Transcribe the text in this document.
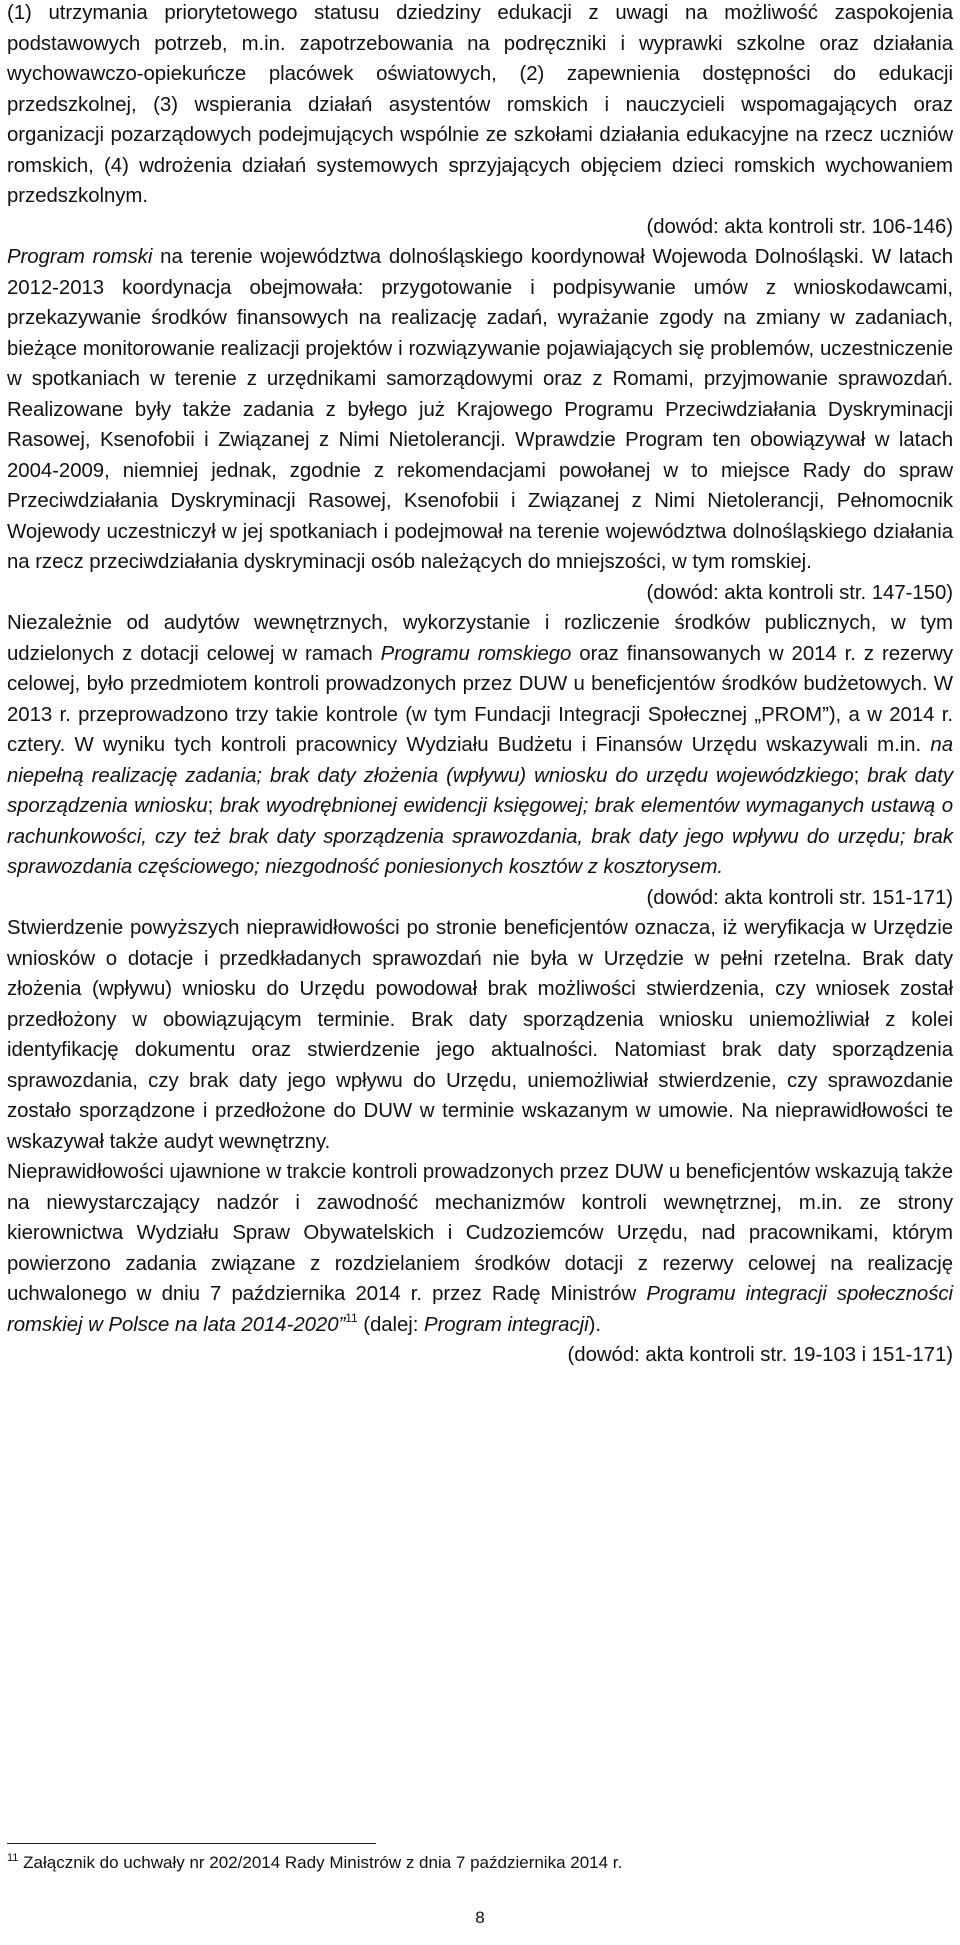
(1) utrzymania priorytetowego statusu dziedziny edukacji z uwagi na możliwość zaspokojenia podstawowych potrzeb, m.in. zapotrzebowania na podręczniki i wyprawki szkolne oraz działania wychowawczo-opiekuńcze placówek oświatowych, (2) zapewnienia dostępności do edukacji przedszkolnej, (3) wspierania działań asystentów romskich i nauczycieli wspomagających oraz organizacji pozarządowych podejmujących wspólnie ze szkołami działania edukacyjne na rzecz uczniów romskich, (4) wdrożenia działań systemowych sprzyjających objęciem dzieci romskich wychowaniem przedszkolnym.

(dowód: akta kontroli str. 106-146)

Program romski na terenie województwa dolnośląskiego koordynował Wojewoda Dolnośląski. W latach 2012-2013 koordynacja obejmowała: przygotowanie i podpisywanie umów z wnioskodawcami, przekazywanie środków finansowych na realizację zadań, wyrażanie zgody na zmiany w zadaniach, bieżące monitorowanie realizacji projektów i rozwiązywanie pojawiających się problemów, uczestniczenie w spotkaniach w terenie z urzędnikami samorządowymi oraz z Romami, przyjmowanie sprawozdań. Realizowane były także zadania z byłego już Krajowego Programu Przeciwdziałania Dyskryminacji Rasowej, Ksenofobii i Związanej z Nimi Nietolerancji. Wprawdzie Program ten obowiązywał w latach 2004-2009, niemniej jednak, zgodnie z rekomendacjami powołanej w to miejsce Rady do spraw Przeciwdziałania Dyskryminacji Rasowej, Ksenofobii i Związanej z Nimi Nietolerancji, Pełnomocnik Wojewody uczestniczył w jej spotkaniach i podejmował na terenie województwa dolnośląskiego działania na rzecz przeciwdziałania dyskryminacji osób należących do mniejszości, w tym romskiej.

(dowód: akta kontroli str. 147-150)

Niezależnie od audytów wewnętrznych, wykorzystanie i rozliczenie środków publicznych, w tym udzielonych z dotacji celowej w ramach Programu romskiego oraz finansowanych w 2014 r. z rezerwy celowej, było przedmiotem kontroli prowadzonych przez DUW u beneficjentów środków budżetowych. W 2013 r. przeprowadzono trzy takie kontrole (w tym Fundacji Integracji Społecznej „PROM”), a w 2014 r. cztery. W wyniku tych kontroli pracownicy Wydziału Budżetu i Finansów Urzędu wskazywali m.in. na niepełną realizację zadania; brak daty złożenia (wpływu) wniosku do urzędu wojewódzkiego; brak daty sporządzenia wniosku; brak wyodrębnionej ewidencji księgowej; brak elementów wymaganych ustawą o rachunkowości, czy też brak daty sporządzenia sprawozdania, brak daty jego wpływu do urzędu; brak sprawozdania częściowego; niezgodność poniesionych kosztów z kosztorysem.

(dowód: akta kontroli str. 151-171)

Stwierdzenie powyższych nieprawidłowości po stronie beneficjentów oznacza, iż weryfikacja w Urzędzie wniosków o dotacje i przedkładanych sprawozdań nie była w Urzędzie w pełni rzetelna. Brak daty złożenia (wpływu) wniosku do Urzędu powodował brak możliwości stwierdzenia, czy wniosek został przedłożony w obowiązującym terminie. Brak daty sporządzenia wniosku uniemożliwiał z kolei identyfikację dokumentu oraz stwierdzenie jego aktualności. Natomiast brak daty sporządzenia sprawozdania, czy brak daty jego wpływu do Urzędu, uniemożliwiał stwierdzenie, czy sprawozdanie zostało sporządzone i przedłożone do DUW w terminie wskazanym w umowie. Na nieprawidłowości te wskazywał także audyt wewnętrzny.

Nieprawidłowości ujawnione w trakcie kontroli prowadzonych przez DUW u beneficjentów wskazują także na niewystarczający nadzór i zawodność mechanizmów kontroli wewnętrznej, m.in. ze strony kierownictwa Wydziału Spraw Obywatelskich i Cudzoziemców Urzędu, nad pracownikami, którym powierzono zadania związane z rozdzielaniem środków dotacji z rezerwy celowej na realizację uchwalonego w dniu 7 października 2014 r. przez Radę Ministrów Programu integracji społeczności romskiej w Polsce na lata 2014-2020”$^{11}$ (dalej: Program integracji).

(dowód: akta kontroli str. 19-103 i 151-171)

$^{11}$ Załącznik do uchwały nr 202/2014 Rady Ministrów z dnia 7 października 2014 r.
8
